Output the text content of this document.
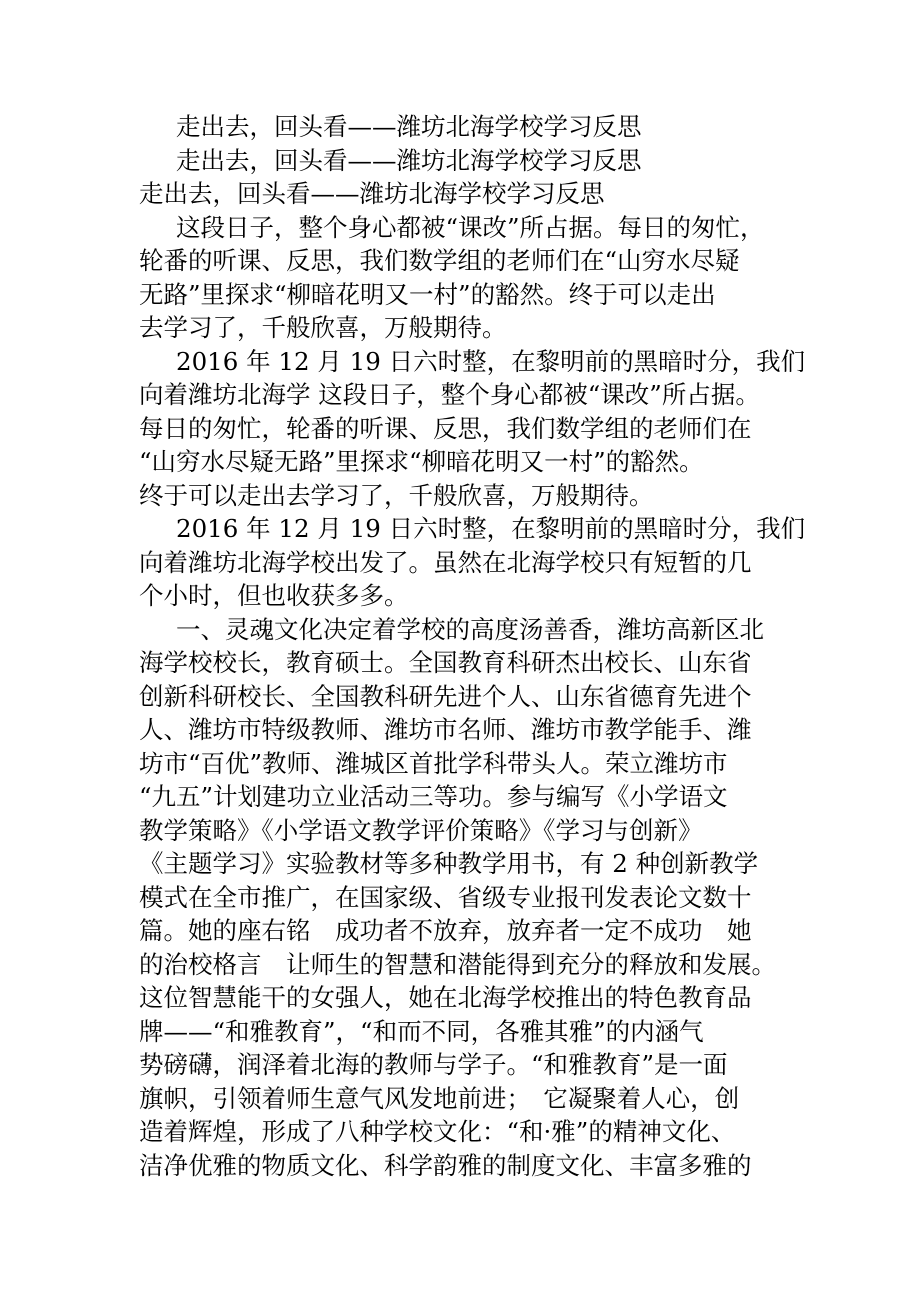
走出去，回头看——潍坊北海学校学习反思
走出去，回头看——潍坊北海学校学习反思
走出去，回头看——潍坊北海学校学习反思
这段日子，整个身心都被“课改”所占据。每日的匆忙，
轮番的听课、反思，我们数学组的老师们在“山穷水尽疑
无路”里探求“柳暗花明又一村”的豁然。终于可以走出
去学习了，千般欣喜，万般期待。
2016 年 12 月 19 日六时整，在黎明前的黑暗时分，我们
向着潍坊北海学 这段日子，整个身心都被“课改”所占据。
每日的匆忙，轮番的听课、反思，我们数学组的老师们在
“山穷水尽疑无路”里探求“柳暗花明又一村”的豁然。
终于可以走出去学习了，千般欣喜，万般期待。
2016 年 12 月 19 日六时整，在黎明前的黑暗时分，我们
向着潍坊北海学校出发了。虽然在北海学校只有短暂的几
个小时，但也收获多多。
一、灵魂文化决定着学校的高度汤善香，潍坊高新区北
海学校校长，教育硕士。全国教育科研杰出校长、山东省
创新科研校长、全国教科研先进个人、山东省德育先进个
人、潍坊市特级教师、潍坊市名师、潍坊市教学能手、潍
坊市“百优”教师、潍城区首批学科带头人。荣立潍坊市
“九五”计划建功立业活动三等功。参与编写《小学语文
教学策略》《小学语文教学评价策略》《学习与创新》
《主题学习》实验教材等多种教学用书，有 2 种创新教学
模式在全市推广，在国家级、省级专业报刊发表论文数十
篇。她的座右铭　成功者不放弃，放弃者一定不成功　她
的治校格言　让师生的智慧和潜能得到充分的释放和发展。
这位智慧能干的女强人，她在北海学校推出的特色教育品
牌——“和雅教育”，“和而不同，各雅其雅”的内涵气
势磅礴，润泽着北海的教师与学子。“和雅教育”是一面
旗帜，引领着师生意气风发地前进；　它凝聚着人心，创
造着辉煌，形成了八种学校文化：“和·雅”的精神文化、
洁净优雅的物质文化、科学韵雅的制度文化、丰富多雅的
